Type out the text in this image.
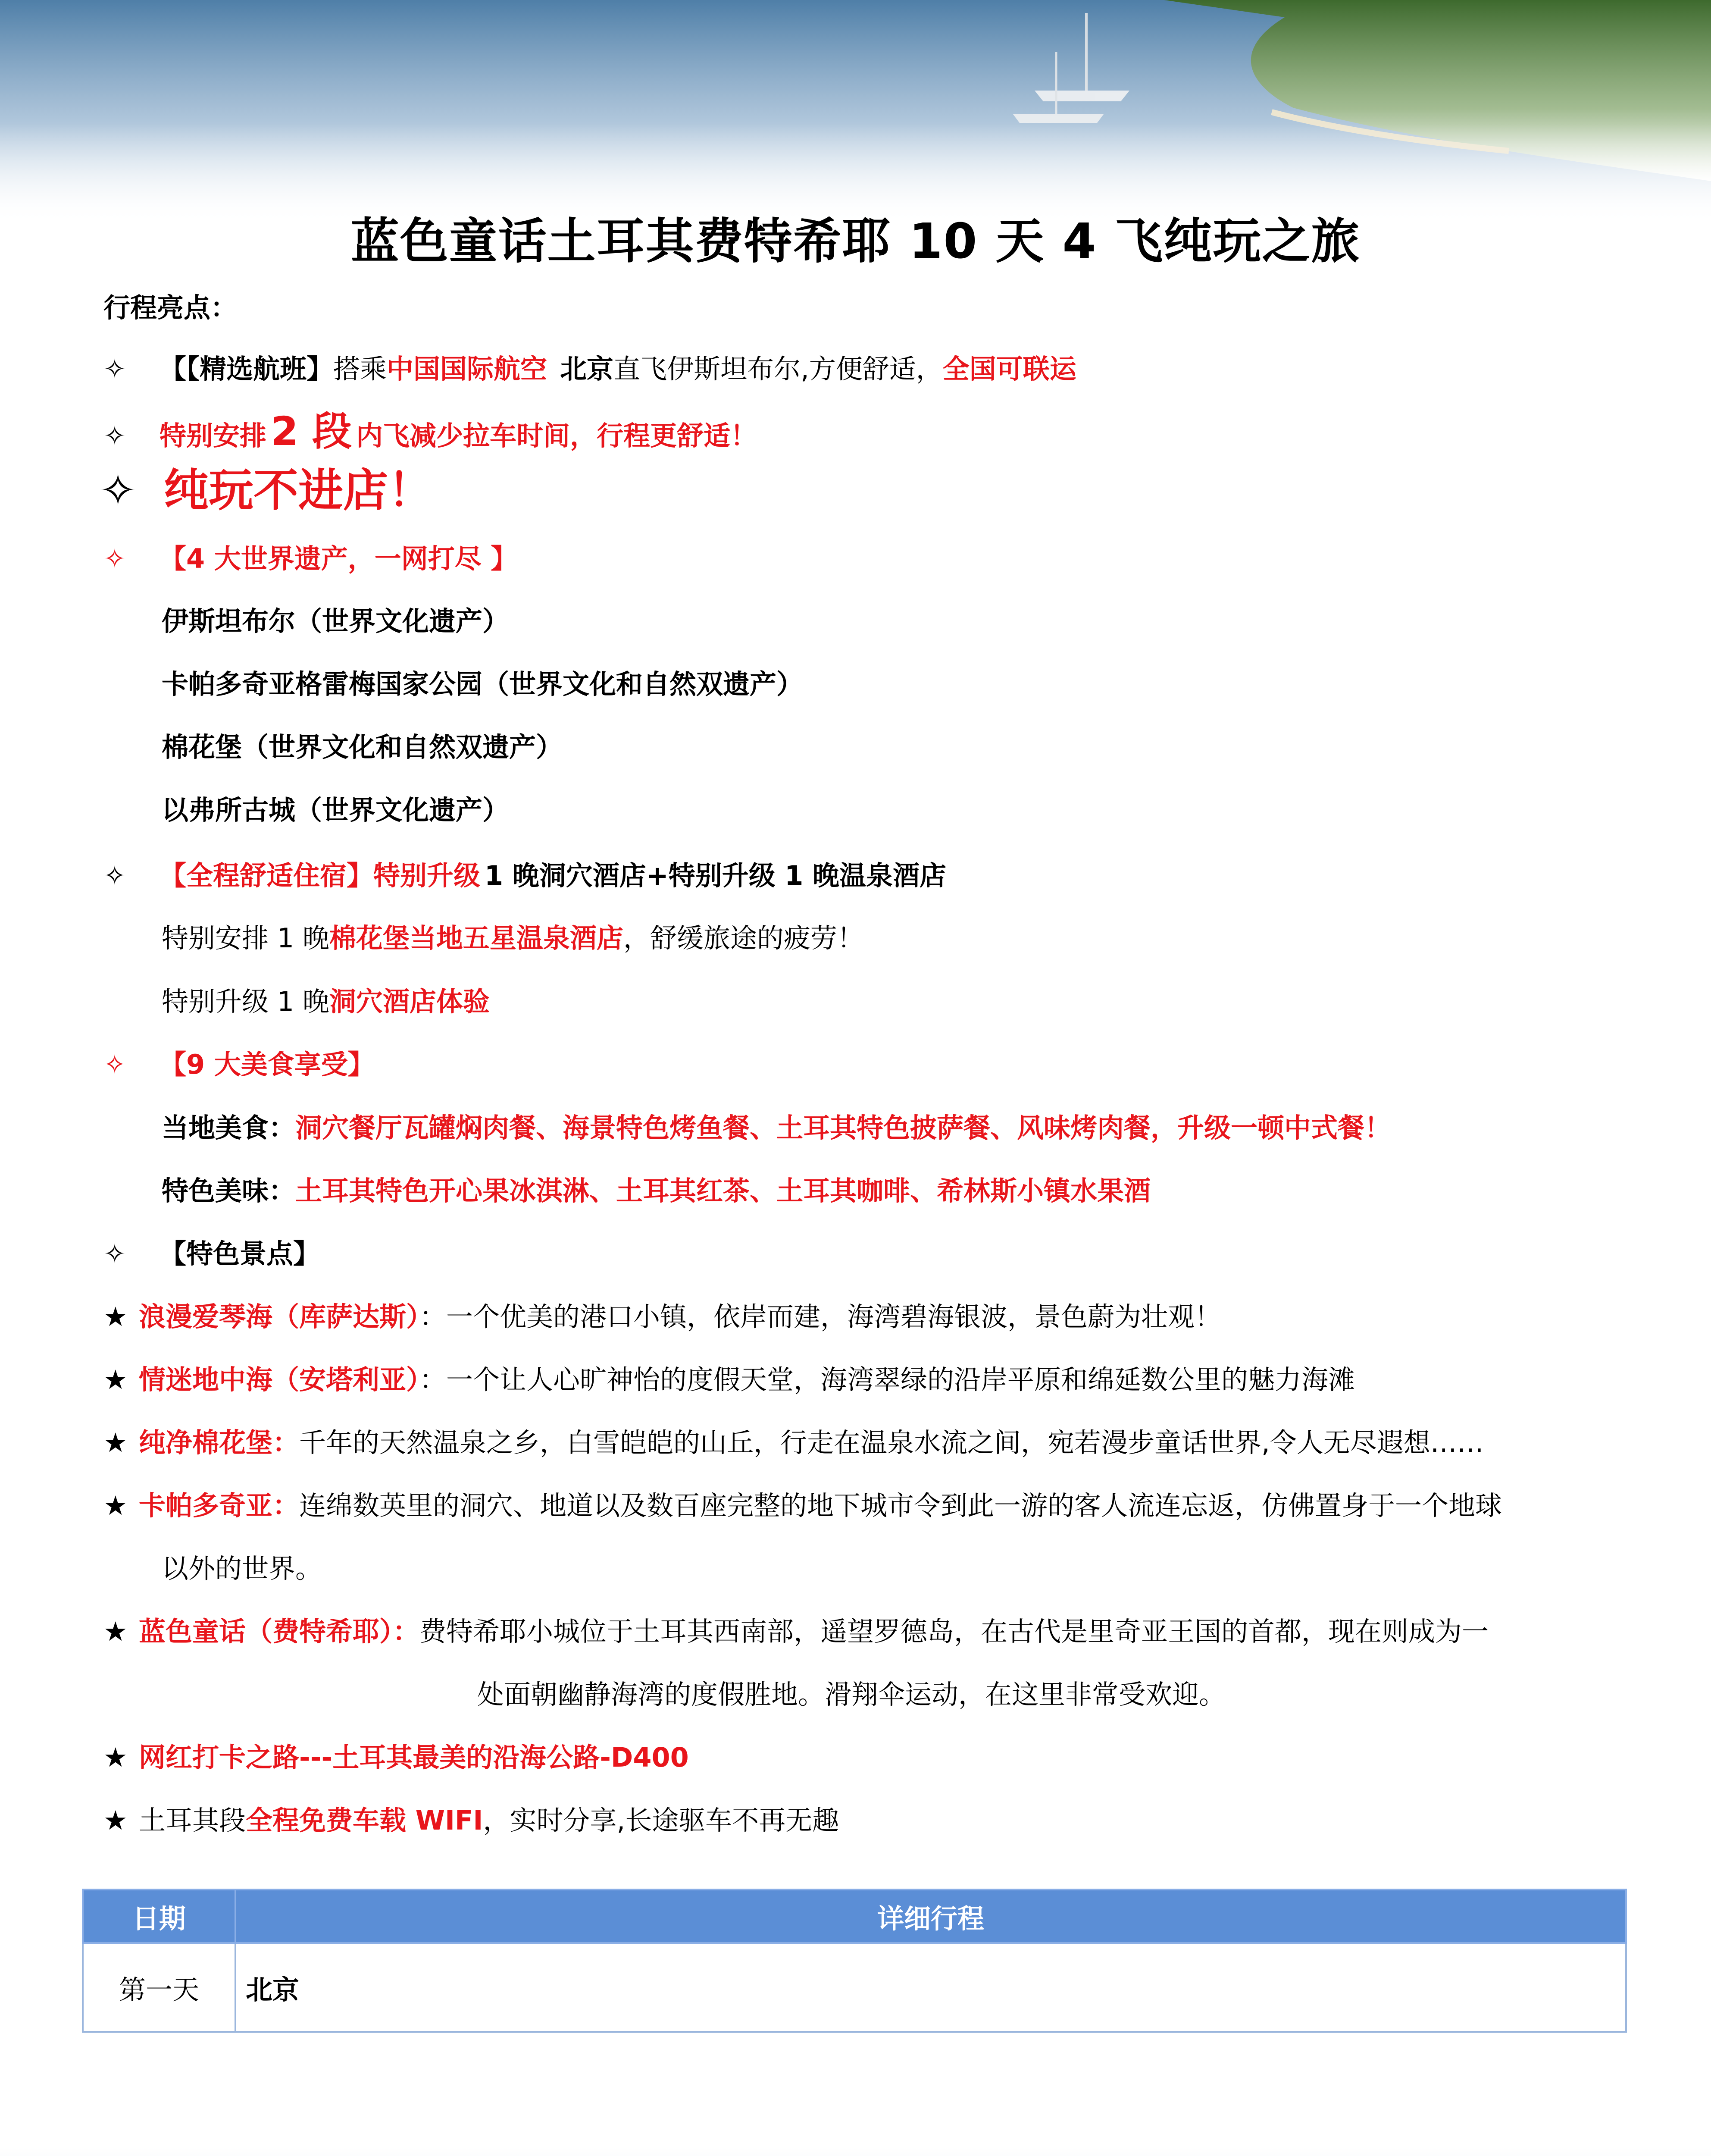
蓝色童话土耳其费特希耶 10 天 4 飞纯玩之旅
行程亮点：
✧ 【【精选航班】搭乘中国国际航空 北京直飞伊斯坦布尔,方便舒适，全国可联运
✧ 特别安排 2 段 内飞减少拉车时间，行程更舒适！
✧ 纯玩不进店！
✧ 【4 大世界遗产，一网打尽 】
伊斯坦布尔（世界文化遗产）
卡帕多奇亚格雷梅国家公园（世界文化和自然双遗产）
棉花堡（世界文化和自然双遗产）
以弗所古城（世界文化遗产）
✧ 【全程舒适住宿】特别升级 1 晚洞穴酒店+特别升级 1 晚温泉酒店
特别安排 1 晚棉花堡当地五星温泉酒店，舒缓旅途的疲劳！
特别升级 1 晚洞穴酒店体验
✧ 【9 大美食享受】
当地美食：洞穴餐厅瓦罐焖肉餐、海景特色烤鱼餐、土耳其特色披萨餐、风味烤肉餐，升级一顿中式餐！
特色美味：土耳其特色开心果冰淇淋、土耳其红茶、土耳其咖啡、希林斯小镇水果酒
✧ 【特色景点】
★ 浪漫爱琴海（库萨达斯）：一个优美的港口小镇，依岸而建，海湾碧海银波，景色蔚为壮观！
★ 情迷地中海（安塔利亚）：一个让人心旷神怡的度假天堂，海湾翠绿的沿岸平原和绵延数公里的魅力海滩
★ 纯净棉花堡：千年的天然温泉之乡，白雪皑皑的山丘，行走在温泉水流之间，宛若漫步童话世界,令人无尽遐想……
★ 卡帕多奇亚：连绵数英里的洞穴、地道以及数百座完整的地下城市令到此一游的客人流连忘返，仿佛置身于一个地球
以外的世界。
★ 蓝色童话（费特希耶）：费特希耶小城位于土耳其西南部，遥望罗德岛，在古代是里奇亚王国的首都，现在则成为一
处面朝幽静海湾的度假胜地。滑翔伞运动，在这里非常受欢迎。
★ 网红打卡之路---土耳其最美的沿海公路-D400
★ 土耳其段全程免费车载 WIFI，实时分享,长途驱车不再无趣
日期	详细行程
第一天	北京
